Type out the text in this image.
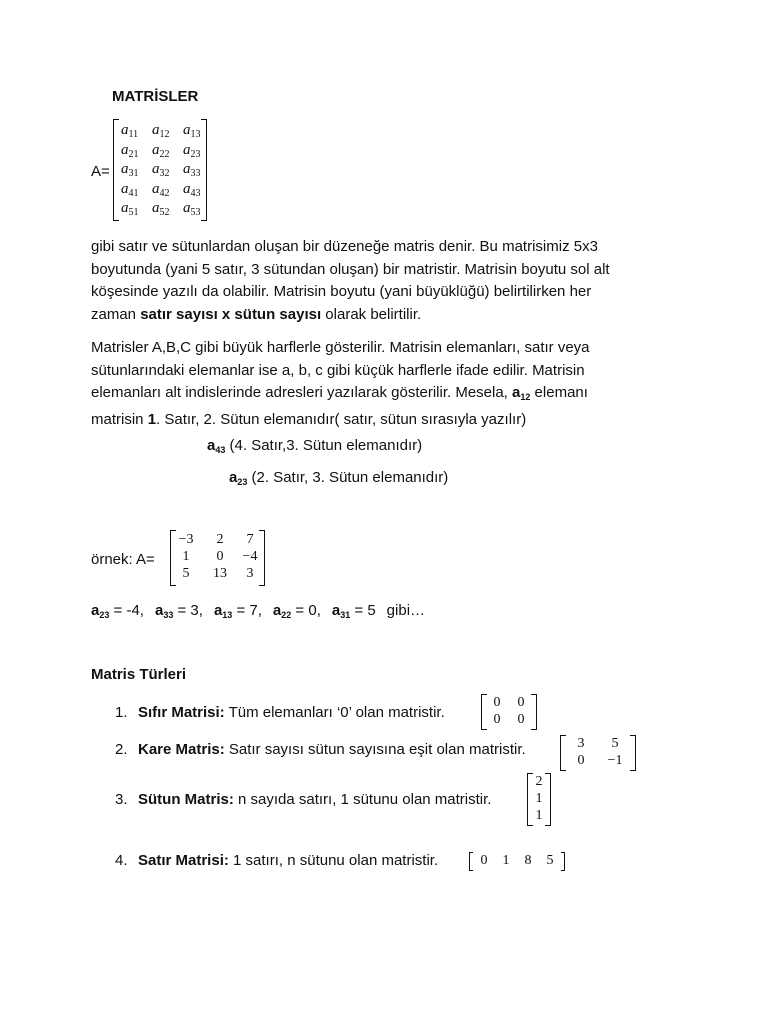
MATRİSLER
A=
$a_{11}$ $a_{12}$ $a_{13}$
$a_{21}$ $a_{22}$ $a_{23}$
$a_{31}$ $a_{32}$ $a_{33}$
$a_{41}$ $a_{42}$ $a_{43}$
$a_{51}$ $a_{52}$ $a_{53}$
gibi satır ve sütunlardan oluşan bir düzeneğe matris denir. Bu matrisimiz 5x3
boyutunda (yani 5 satır, 3 sütundan oluşan) bir matristir. Matrisin boyutu sol alt
köşesinde yazılı da olabilir. Matrisin boyutu (yani büyüklüğü) belirtilirken her
zaman satır sayısı x sütun sayısı olarak belirtilir.
Matrisler A,B,C gibi büyük harflerle gösterilir. Matrisin elemanları, satır veya
sütunlarındaki elemanlar ise a, b, c gibi küçük harflerle ifade edilir. Matrisin
elemanları alt indislerinde adresleri yazılarak gösterilir. Mesela, $a_{12}$ elemanı
matrisin 1. Satır, 2. Sütun elemanıdır( satır, sütun sırasıyla yazılır)
$a_{43}$ (4. Satır,3. Sütun elemanıdır)
$a_{23}$ (2. Satır, 3. Sütun elemanıdır)
örnek: A=
−3	2	7
1	0	−4
5	13	3
$a_{23} = -4$, $a_{33} = 3$, $a_{13} = 7$, $a_{22} = 0$, $a_{31} = 5$ gibi…
Matris Türleri
1. Sıfır Matrisi: Tüm elemanları ‘0’ olan matristir.
0	0
0	0
2. Kare Matris: Satır sayısı sütun sayısına eşit olan matristir.	3	5
0	−1
3. Sütun Matris: n sayıda satırı, 1 sütunu olan matristir.
2
1
1
4. Satır Matrisi: 1 satırı, n sütunu olan matristir.	0	1	8	5
